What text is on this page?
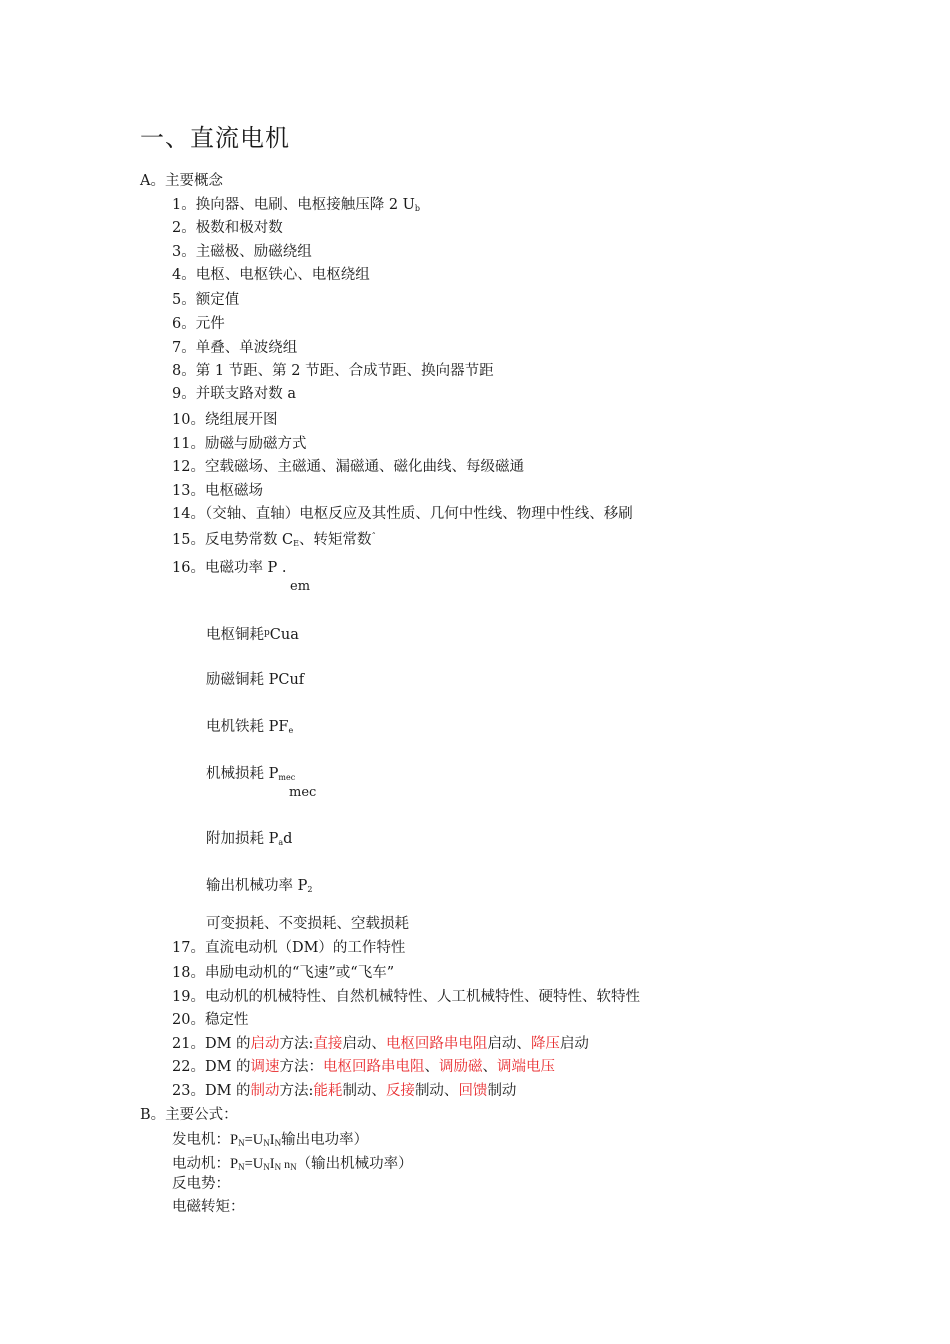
一、直流电机
A。主要概念
1。换向器、电刷、电枢接触压降 2 $U_b$
2。极数和极对数
3。主磁极、励磁绕组
4。电枢、电枢铁心、电枢绕组
5。额定值
6。元件
7。单叠、单波绕组
8。第 1 节距、第 2 节距、合成节距、换向器节距
9。并联支路对数 a
10。绕组展开图
11。励磁与励磁方式
12。空载磁场、主磁通、漏磁通、磁化曲线、每级磁通
13。电枢磁场
14。（交轴、直轴）电枢反应及其性质、几何中性线、物理中性线、移刷
15。反电势常数 $C_E$、转矩常数$^ˆ$
16。电磁功率 P .
em
电枢铜耗$^p$Cua
励磁铜耗 PCuf
电机铁耗 $PF_e$
机械损耗 $P_{mec}$
mec
附加损耗 $P_ad$
输出机械功率 $P_2$
可变损耗、不变损耗、空载损耗
17。直流电动机（DM）的工作特性
18。串励电动机的“飞速”或“飞车”
19。电动机的机械特性、自然机械特性、人工机械特性、硬特性、软特性
20。稳定性
21。DM 的启动方法:直接启动、电枢回路串电阻启动、降压启动
22。DM 的调速方法：电枢回路串电阻、调励磁、调端电压
23。DM 的制动方法:能耗制动、反接制动、回馈制动
B。主要公式：
发电机：PN=UNIN输出电功率）
电动机：PN=UNIN nN（输出机械功率）
反电势：
电磁转矩：
